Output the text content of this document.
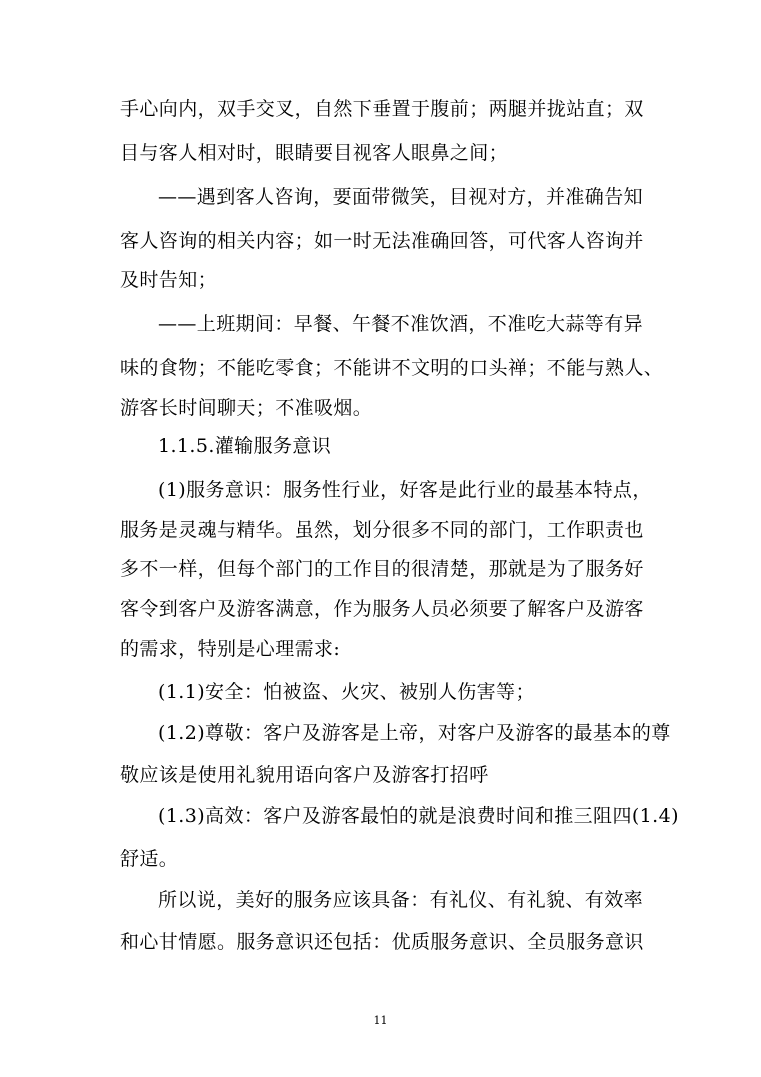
手心向内，双手交叉，自然下垂置于腹前；两腿并拢站直；双
目与客人相对时，眼睛要目视客人眼鼻之间；
——遇到客人咨询，要面带微笑，目视对方，并准确告知
客人咨询的相关内容；如一时无法准确回答，可代客人咨询并
及时告知；
——上班期间：早餐、午餐不准饮酒，不准吃大蒜等有异
味的食物；不能吃零食；不能讲不文明的口头禅；不能与熟人、
游客长时间聊天；不准吸烟。
1.1.5.灌输服务意识
(1)服务意识：服务性行业，好客是此行业的最基本特点，
服务是灵魂与精华。虽然，划分很多不同的部门，工作职责也
多不一样，但每个部门的工作目的很清楚，那就是为了服务好
客令到客户及游客满意，作为服务人员必须要了解客户及游客
的需求，特别是心理需求:
(1.1)安全：怕被盗、火灾、被别人伤害等；
(1.2)尊敬：客户及游客是上帝，对客户及游客的最基本的尊
敬应该是使用礼貌用语向客户及游客打招呼
(1.3)高效：客户及游客最怕的就是浪费时间和推三阻四(1.4)
舒适。
所以说，美好的服务应该具备：有礼仪、有礼貌、有效率
和心甘情愿。服务意识还包括：优质服务意识、全员服务意识
11
